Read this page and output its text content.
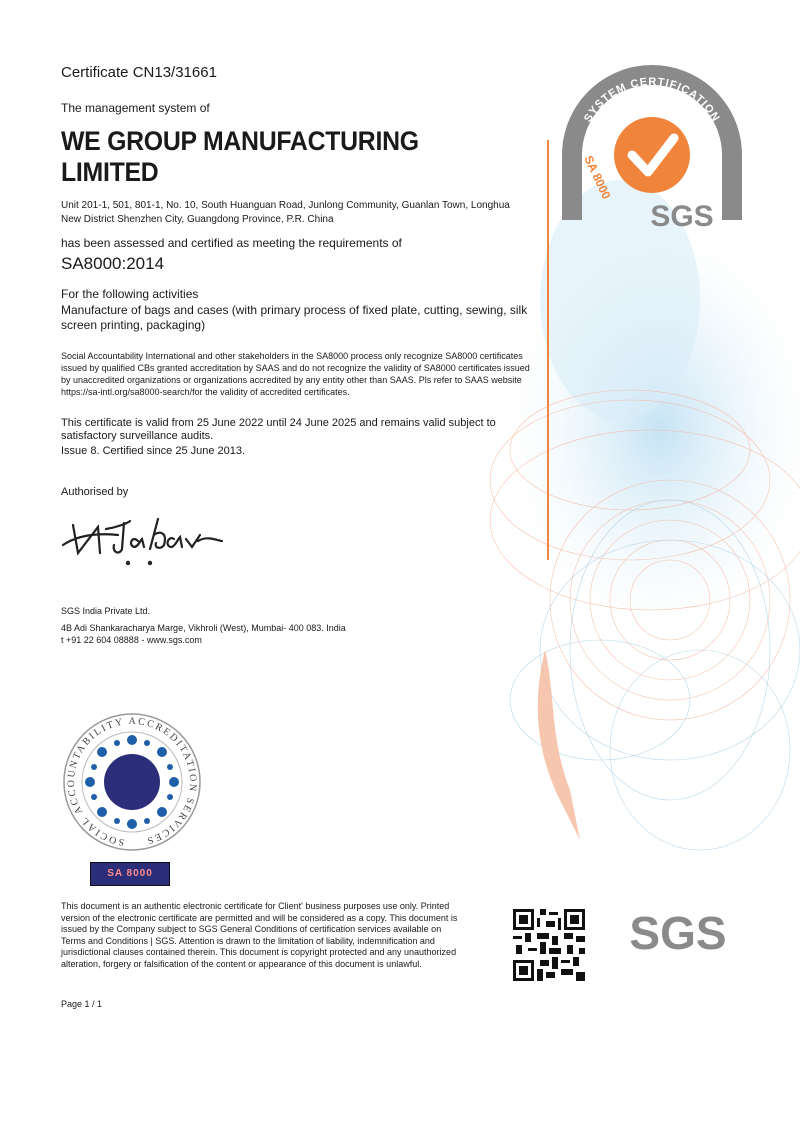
SYSTEM CERTIFICATION
SA 8000
SGS
Certificate CN13/31661
The management system of
WE GROUP MANUFACTURING LIMITED
Unit 201-1, 501, 801-1, No. 10, South Huanguan Road, Junlong Community, Guanlan Town, Longhua New District Shenzhen City, Guangdong Province, P.R. China
has been assessed and certified as meeting the requirements of
SA8000:2014
For the following activities
Manufacture of bags and cases (with primary process of fixed plate, cutting, sewing, silk screen printing, packaging)
Social Accountability International and other stakeholders in the SA8000 process only recognize SA8000 certificates issued by qualified CBs granted accreditation by SAAS and do not recognize the validity of SA8000 certificates issued by unaccredited organizations or organizations accredited by any entity other than SAAS. Pls refer to SAAS website https://sa-intl.org/sa8000-search/for the validity of accredited certificates.
This certificate is valid from 25 June 2022 until 24 June 2025 and remains valid subject to satisfactory surveillance audits.
Issue 8. Certified since 25 June 2013.
Authorised by
SGS India Private Ltd.
4B Adi Shankaracharya Marge, Vikhroli (West), Mumbai- 400 083. India
t +91 22 604 08888 - www.sgs.com
SOCIAL ACCOUNTABILITY ACCREDITATION SERVICES
SA 8000
This document is an authentic electronic certificate for Client' business purposes use only. Printed version of the electronic certificate are permitted and will be considered as a copy. This document is issued by the Company subject to SGS General Conditions of certification services available on Terms and Conditions | SGS. Attention is drawn to the limitation of liability, indemnification and jurisdictional clauses contained therein. This document is copyright protected and any unauthorized alteration, forgery or falsification of the content or appearance of this document is unlawful.
Page 1 / 1
SGS
